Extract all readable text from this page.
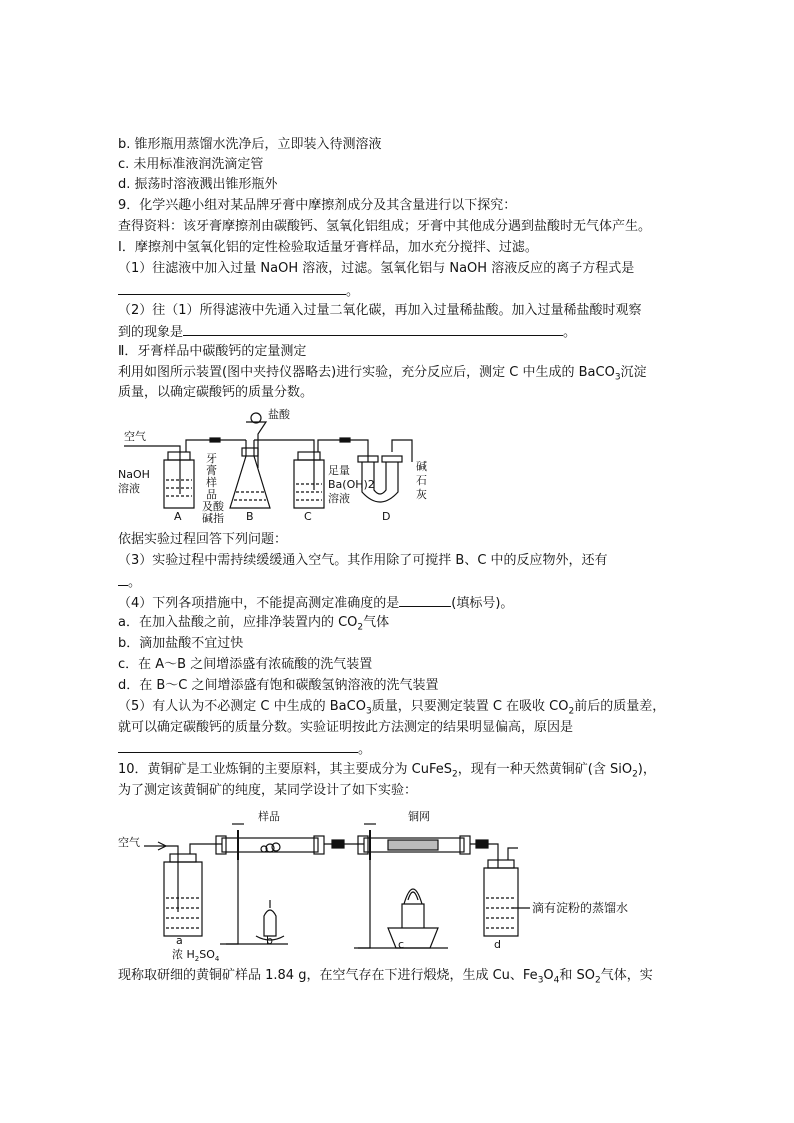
b. 锥形瓶用蒸馏水洗净后，立即装入待测溶液
c. 未用标准液润洗滴定管
d. 振荡时溶液溅出锥形瓶外
9．化学兴趣小组对某品牌牙膏中摩擦剂成分及其含量进行以下探究：
查得资料：该牙膏摩擦剂由碳酸钙、氢氧化铝组成；牙膏中其他成分遇到盐酸时无气体产生。
Ⅰ．摩擦剂中氢氧化铝的定性检验取适量牙膏样品，加水充分搅拌、过滤。
（1）往滤液中加入过量 NaOH 溶液，过滤。氢氧化铝与 NaOH 溶液反应的离子方程式是
。
（2）往（1）所得滤液中先通入过量二氧化碳，再加入过量稀盐酸。加入过量稀盐酸时观察
到的现象是	。
Ⅱ．牙膏样品中碳酸钙的定量测定
利用如图所示装置(图中夹持仪器略去)进行实验，充分反应后，测定 C 中生成的 BaCO$_3$沉淀
质量，以确定碳酸钙的质量分数。
空气
盐酸
NaOH
溶液
牙
膏
样
品
及酸
碱指
足量
Ba(OH)2
溶液
碱
石
灰
A	B	C	D
依据实验过程回答下列问题：
（3）实验过程中需持续缓缓通入空气。其作用除了可搅拌 B、C 中的反应物外，还有
。
（4）下列各项措施中，不能提高测定准确度的是	(填标号)。
a．在加入盐酸之前，应排净装置内的 $CO_2$气体
b．滴加盐酸不宜过快
c．在 A～B 之间增添盛有浓硫酸的洗气装置
d．在 B～C 之间增添盛有饱和碳酸氢钠溶液的洗气装置
（5）有人认为不必测定 C 中生成的 BaCO$_3$质量，只要测定装置 C 在吸收 $CO_2$前后的质量差，
就可以确定碳酸钙的质量分数。实验证明按此方法测定的结果明显偏高，原因是
。
10．黄铜矿是工业炼铜的主要原料，其主要成分为 CuFeS$_2$，现有一种天然黄铜矿(含 SiO$_2$)，
为了测定该黄铜矿的纯度，某同学设计了如下实验：
空气
样品	铜网
滴有淀粉的蒸馏水
a	b	c	d
浓 $H_2SO_4$
现称取研细的黄铜矿样品 1.84 g，在空气存在下进行煅烧，生成 Cu、$Fe_3O_4$和 $SO_2$气体，实
